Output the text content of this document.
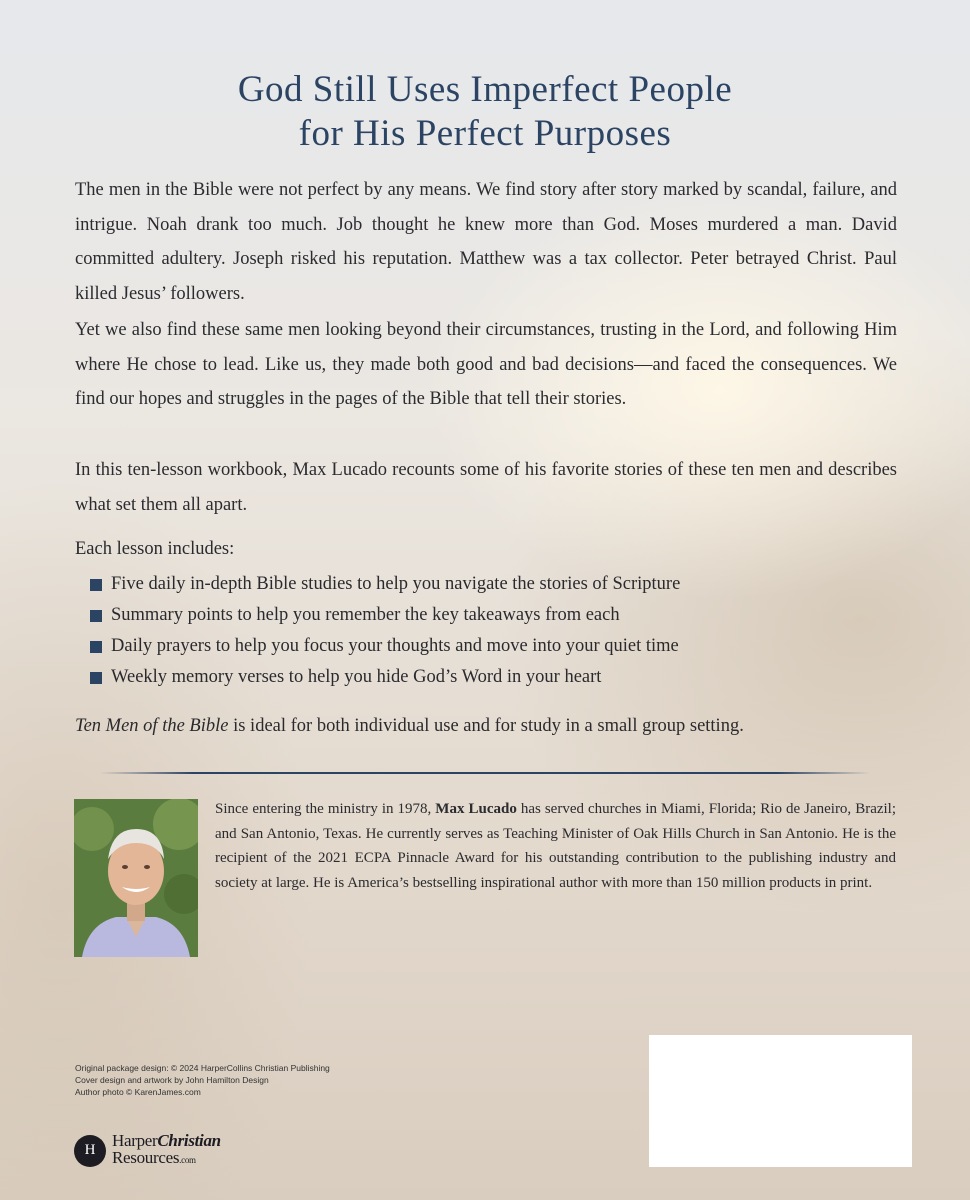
God Still Uses Imperfect People
for His Perfect Purposes

The men in the Bible were not perfect by any means. We find story after story marked by scandal, failure, and intrigue. Noah drank too much. Job thought he knew more than God. Moses murdered a man. David committed adultery. Joseph risked his reputation. Matthew was a tax collector. Peter betrayed Christ. Paul killed Jesus’ followers.

Yet we also find these same men looking beyond their circumstances, trusting in the Lord, and following Him where He chose to lead. Like us, they made both good and bad decisions—and faced the consequences. We find our hopes and struggles in the pages of the Bible that tell their stories.

In this ten-lesson workbook, Max Lucado recounts some of his favorite stories of these ten men and describes what set them all apart.

Each lesson includes:
Five daily in-depth Bible studies to help you navigate the stories of Scripture
Summary points to help you remember the key takeaways from each
Daily prayers to help you focus your thoughts and move into your quiet time
Weekly memory verses to help you hide God’s Word in your heart
Ten Men of the Bible is ideal for both individual use and for study in a small group setting.

Since entering the ministry in 1978, Max Lucado has served churches in Miami, Florida; Rio de Janeiro, Brazil; and San Antonio, Texas. He currently serves as Teaching Minister of Oak Hills Church in San Antonio. He is the recipient of the 2021 ECPA Pinnacle Award for his outstanding contribution to the publishing industry and society at large. He is America’s bestselling inspirational author with more than 150 million products in print.

Original package design: © 2024 HarperCollins Christian Publishing
Cover design and artwork by John Hamilton Design
Author photo © KarenJames.com
H HarperChristian
Resources.com
